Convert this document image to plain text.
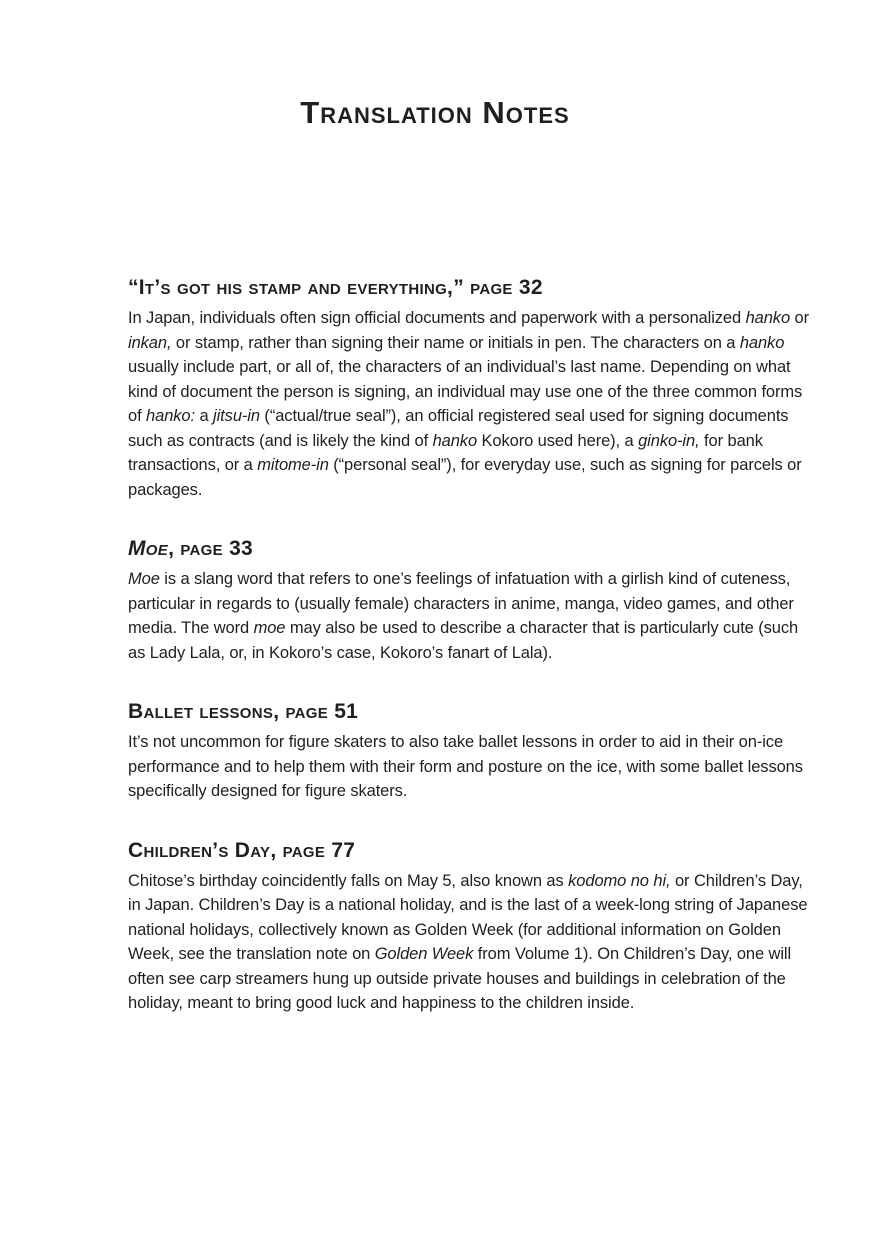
Translation Notes
“It’s got his stamp and everything,” page 32

In Japan, individuals often sign official documents and paperwork with a personalized hanko or inkan, or stamp, rather than signing their name or initials in pen. The characters on a hanko usually include part, or all of, the characters of an individual’s last name. Depending on what kind of document the person is signing, an individual may use one of the three common forms of hanko: a jitsu-in (“actual/true seal”), an official registered seal used for signing documents such as contracts (and is likely the kind of hanko Kokoro used here), a ginko-in, for bank transactions, or a mitome-in (“personal seal”), for everyday use, such as signing for parcels or packages.

Moe, page 33

Moe is a slang word that refers to one’s feelings of infatuation with a girlish kind of cuteness, particular in regards to (usually female) characters in anime, manga, video games, and other media. The word moe may also be used to describe a character that is particularly cute (such as Lady Lala, or, in Kokoro’s case, Kokoro’s fanart of Lala).

Ballet lessons, page 51

It’s not uncommon for figure skaters to also take ballet lessons in order to aid in their on-ice performance and to help them with their form and posture on the ice, with some ballet lessons specifically designed for figure skaters.

Children’s Day, page 77

Chitose’s birthday coincidently falls on May 5, also known as kodomo no hi, or Children’s Day, in Japan. Children’s Day is a national holiday, and is the last of a week-long string of Japanese national holidays, collectively known as Golden Week (for additional information on Golden Week, see the translation note on Golden Week from Volume 1). On Children’s Day, one will often see carp streamers hung up outside private houses and buildings in celebration of the holiday, meant to bring good luck and happiness to the children inside.
